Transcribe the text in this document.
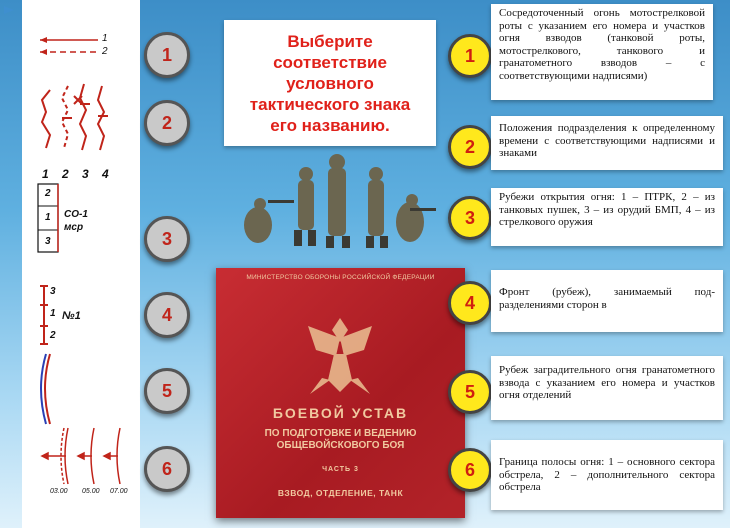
1
2
1 2 3 4
2
1
3
СО-1 мср
3
1
2
№1
03.00 05.00 07.00
1
2
3
4
5
6
Выберите соответствие условного тактического знака его названию.
МИНИСТЕРСТВО ОБОРОНЫ РОССИЙСКОЙ ФЕДЕРАЦИИ
БОЕВОЙ УСТАВ
ПО ПОДГОТОВКЕ И ВЕДЕНИЮ ОБЩЕВОЙСКОВОГО БОЯ
ЧАСТЬ 3
ВЗВОД, ОТДЕЛЕНИЕ, ТАНК
1
2
3
4
5
6
Сосредоточенный огонь мотострелковой роты с указанием его номера и участков огня взводов (танковой роты, мотострелкового, танкового и гранатометного взводов – с соответствующими надписями)
Положения подразделения к определенному времени с соответствующими надписями и знаками
Рубежи открытия огня: 1 – ПТРК, 2 – из танковых пушек, 3 – из орудий БМП, 4 – из стрелкового оружия
Фронт (рубеж), занимаемый подразделениями сторон в
Рубеж заградительного огня гранатометного взвода с указанием его номера и участков огня отделений
Граница полосы огня: 1 – основного сектора обстрела, 2 – дополнительного сектора обстрела
